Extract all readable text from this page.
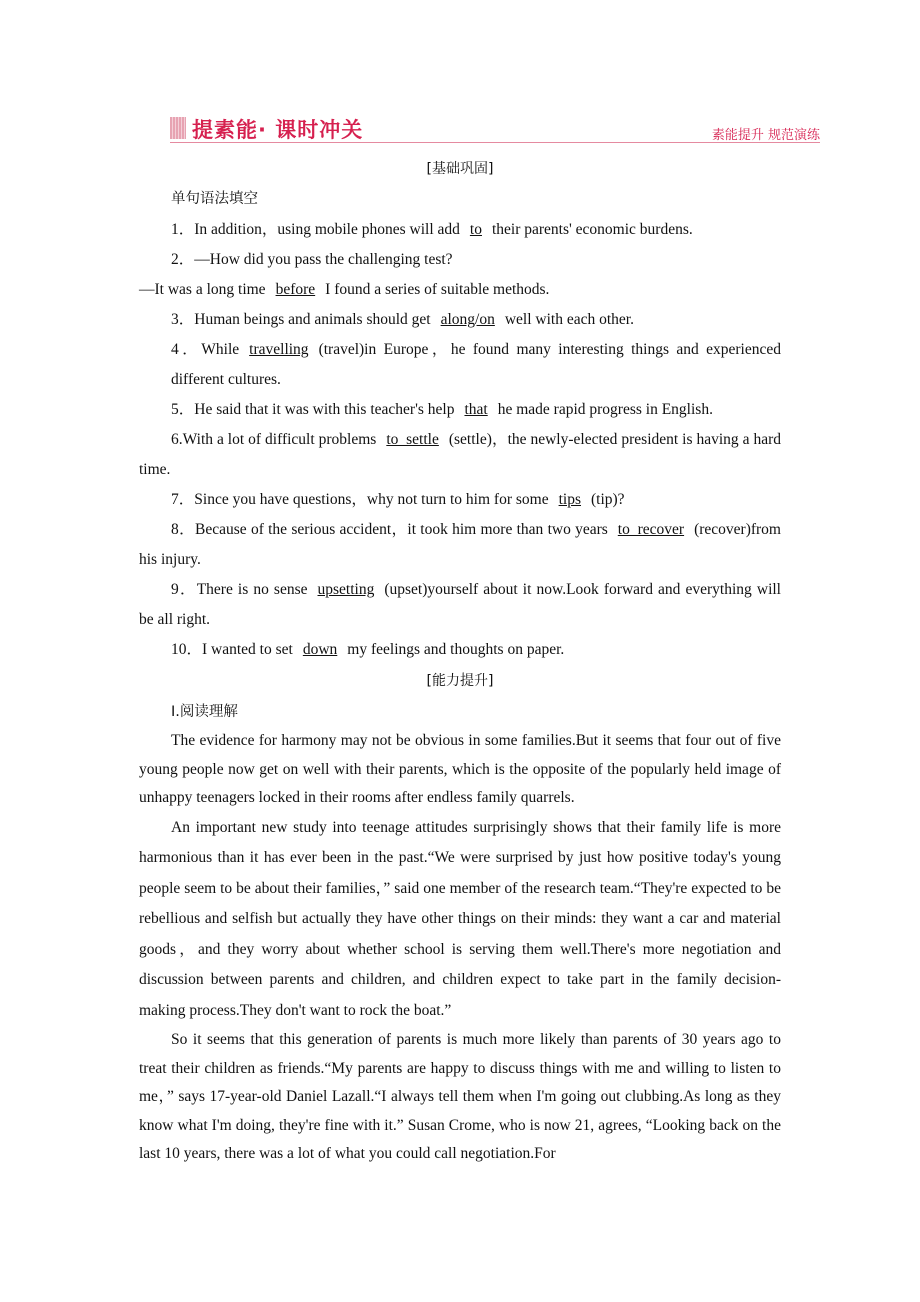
提素能· 课时冲关	素能提升 规范演练
[基础巩固]
单句语法填空
1．In addition，using mobile phones will add to their parents' economic burdens.
2．—How did you pass the challenging test?
—It was a long time before I found a series of suitable methods.
3．Human beings and animals should get along/on well with each other.
4．While travelling (travel)in Europe，he found many interesting things and experienced different cultures.
5．He said that it was with this teacher's help that he made rapid progress in English.
6.With a lot of difficult problems to_settle (settle)，the newly-elected president is having a hard time.
7．Since you have questions，why not turn to him for some tips (tip)?
8．Because of the serious accident，it took him more than two years to_recover (recover)from his injury.
9．There is no sense upsetting (upset)yourself about it now.Look forward and everything will be all right.
10．I wanted to set down my feelings and thoughts on paper.
[能力提升]
Ⅰ.阅读理解

The evidence for harmony may not be obvious in some families.But it seems that four out of five young people now get on well with their parents, which is the opposite of the popularly held image of unhappy teenagers locked in their rooms after endless family quarrels.

An important new study into teenage attitudes surprisingly shows that their family life is more harmonious than it has ever been in the past.“We were surprised by just how positive today's young people seem to be about their families，” said one member of the research team.“They're expected to be rebellious and selfish but actually they have other things on their minds: they want a car and material goods，and they worry about whether school is serving them well.There's more negotiation and discussion between parents and children, and children expect to take part in the family decision-making process.They don't want to rock the boat.”

So it seems that this generation of parents is much more likely than parents of 30 years ago to treat their children as friends.“My parents are happy to discuss things with me and willing to listen to me，” says 17-year-old Daniel Lazall.“I always tell them when I'm going out clubbing.As long as they know what I'm doing, they're fine with it.” Susan Crome, who is now 21, agrees, “Looking back on the last 10 years, there was a lot of what you could call negotiation.For
